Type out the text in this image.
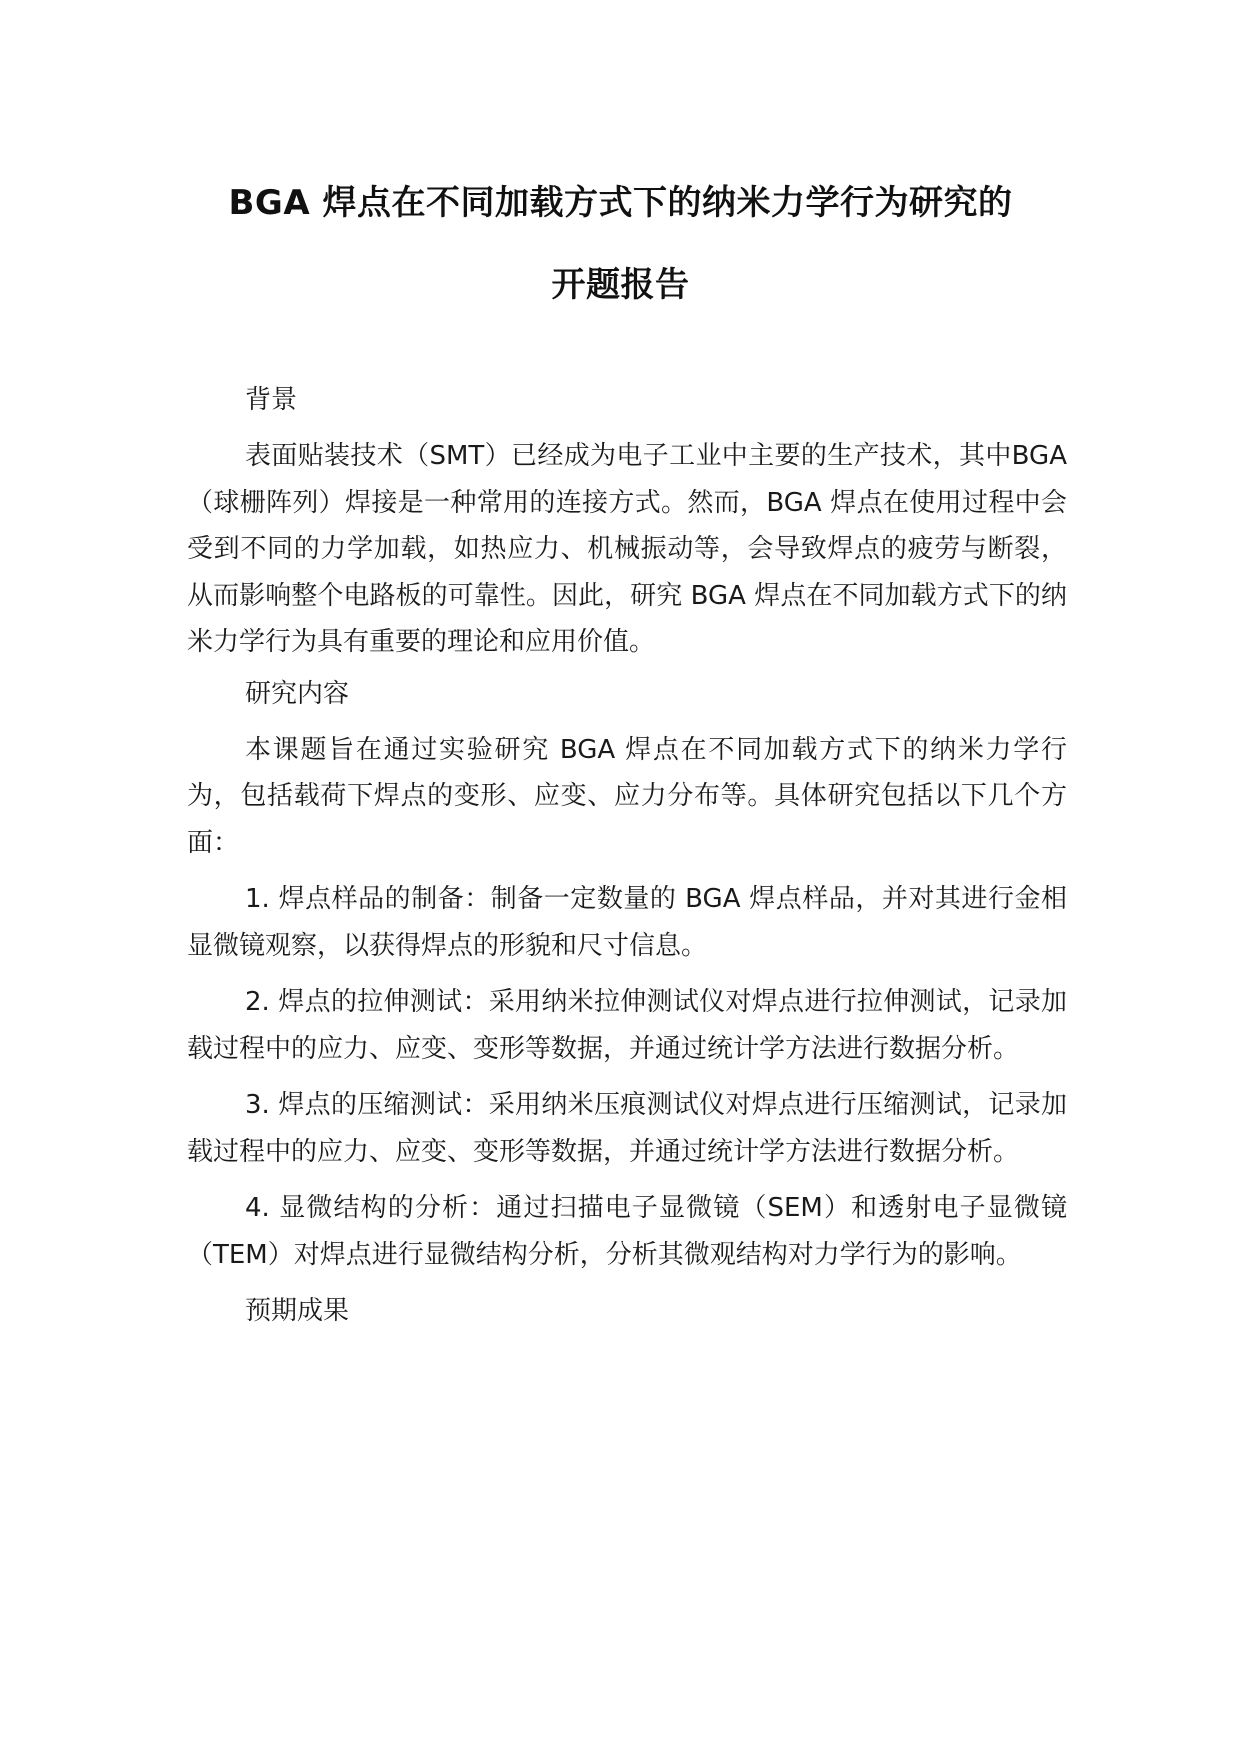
BGA 焊点在不同加载方式下的纳米力学行为研究的
开题报告

背景

表面贴装技术（SMT）已经成为电子工业中主要的生产技术，其中BGA（球栅阵列）焊接是一种常用的连接方式。然而，BGA 焊点在使用过程中会受到不同的力学加载，如热应力、机械振动等，会导致焊点的疲劳与断裂，从而影响整个电路板的可靠性。因此，研究 BGA 焊点在不同加载方式下的纳米力学行为具有重要的理论和应用价值。

研究内容

本课题旨在通过实验研究 BGA 焊点在不同加载方式下的纳米力学行为，包括载荷下焊点的变形、应变、应力分布等。具体研究包括以下几个方面：

1. 焊点样品的制备：制备一定数量的 BGA 焊点样品，并对其进行金相显微镜观察，以获得焊点的形貌和尺寸信息。

2. 焊点的拉伸测试：采用纳米拉伸测试仪对焊点进行拉伸测试，记录加载过程中的应力、应变、变形等数据，并通过统计学方法进行数据分析。

3. 焊点的压缩测试：采用纳米压痕测试仪对焊点进行压缩测试，记录加载过程中的应力、应变、变形等数据，并通过统计学方法进行数据分析。

4. 显微结构的分析：通过扫描电子显微镜（SEM）和透射电子显微镜（TEM）对焊点进行显微结构分析，分析其微观结构对力学行为的影响。

预期成果
